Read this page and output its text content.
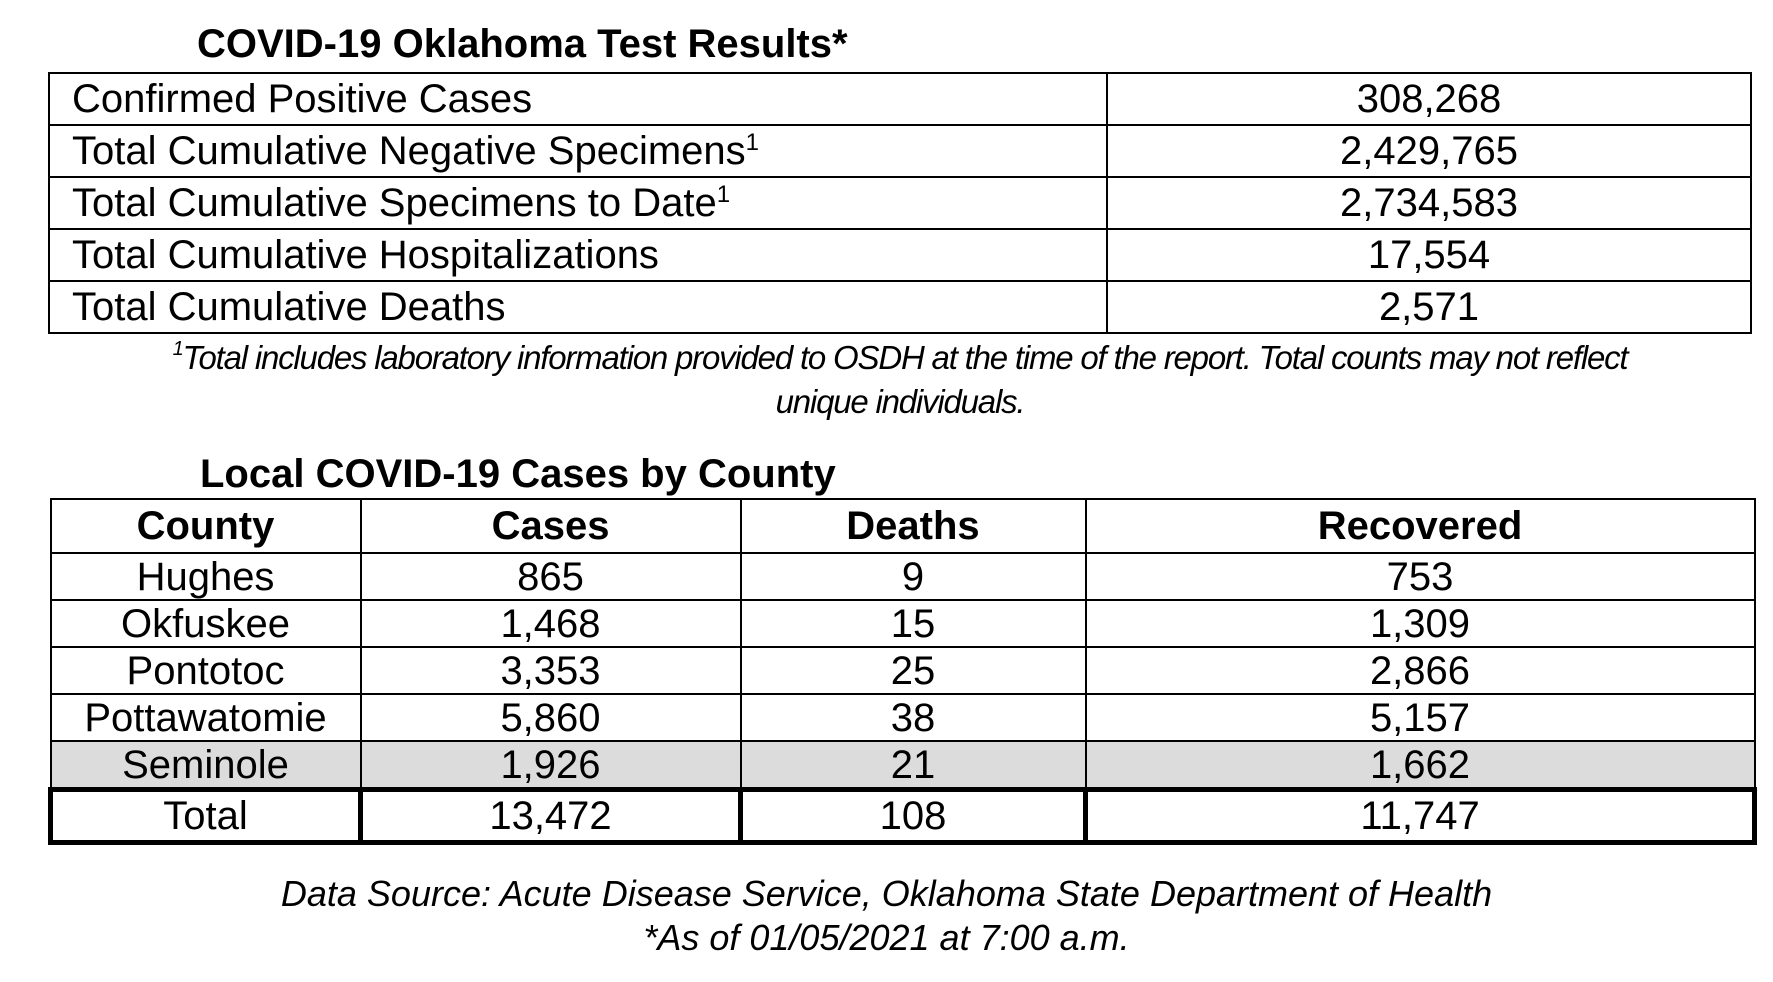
COVID-19 Oklahoma Test Results*
Confirmed Positive Cases	308,268
Total Cumulative Negative Specimens$^1$	2,429,765
Total Cumulative Specimens to Date$^1$	2,734,583
Total Cumulative Hospitalizations	17,554
Total Cumulative Deaths	2,571
$^1$Total includes laboratory information provided to OSDH at the time of the report. Total counts may not reflect
unique individuals.
Local COVID-19 Cases by County
County	Cases	Deaths	Recovered
Hughes	865	9	753
Okfuskee	1,468	15	1,309
Pontotoc	3,353	25	2,866
Pottawatomie	5,860	38	5,157
Seminole	1,926	21	1,662
Total	13,472	108	11,747
Data Source: Acute Disease Service, Oklahoma State Department of Health
*As of 01/05/2021 at 7:00 a.m.
